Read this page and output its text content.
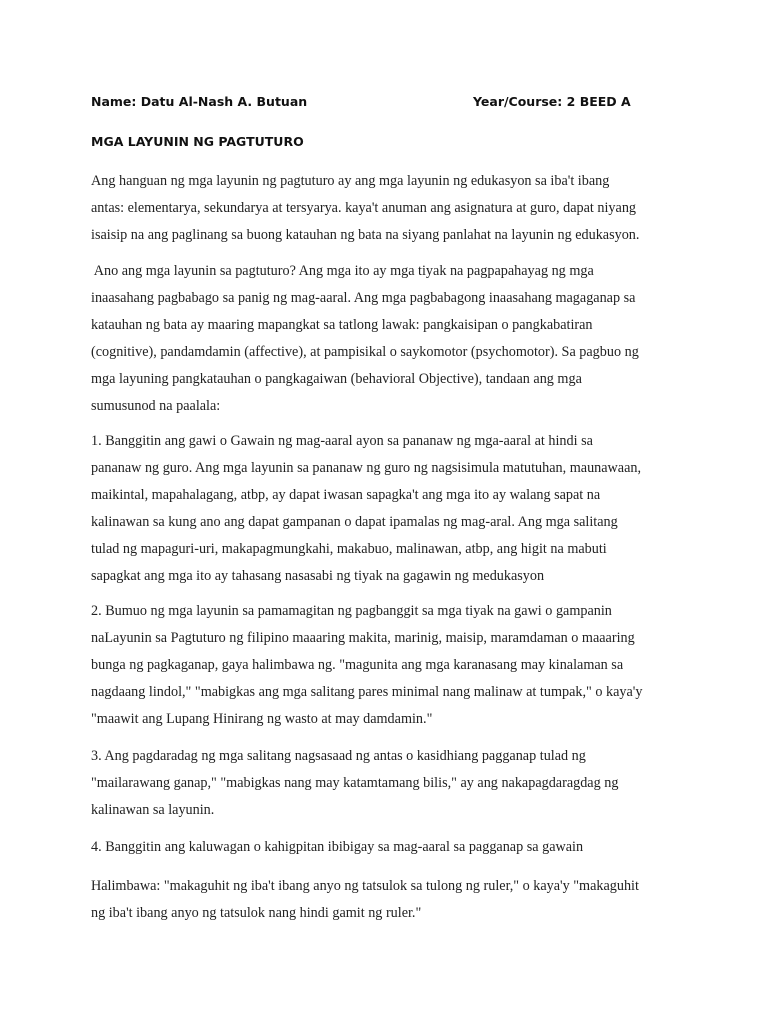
Name: Datu Al-Nash A. Butuan	Year/Course: 2 BEED A
MGA LAYUNIN NG PAGTUTURO
Ang hanguan ng mga layunin ng pagtuturo ay ang mga layunin ng edukasyon sa iba't ibang
antas: elementarya, sekundarya at tersyarya. kaya't anuman ang asignatura at guro, dapat niyang
isaisip na ang paglinang sa buong katauhan ng bata na siyang panlahat na layunin ng edukasyon.
Ano ang mga layunin sa pagtuturo? Ang mga ito ay mga tiyak na pagpapahayag ng mga
inaasahang pagbabago sa panig ng mag-aaral. Ang mga pagbabagong inaasahang magaganap sa
katauhan ng bata ay maaring mapangkat sa tatlong lawak: pangkaisipan o pangkabatiran
(cognitive), pandamdamin (affective), at pampisikal o saykomotor (psychomotor). Sa pagbuo ng
mga layuning pangkatauhan o pangkagaiwan (behavioral Objective), tandaan ang mga
sumusunod na paalala:
1. Banggitin ang gawi o Gawain ng mag-aaral ayon sa pananaw ng mga-aaral at hindi sa
pananaw ng guro. Ang mga layunin sa pananaw ng guro ng nagsisimula matutuhan, maunawaan,
maikintal, mapahalagang, atbp, ay dapat iwasan sapagka't ang mga ito ay walang sapat na
kalinawan sa kung ano ang dapat gampanan o dapat ipamalas ng mag-aral. Ang mga salitang
tulad ng mapaguri-uri, makapagmungkahi, makabuo, malinawan, atbp, ang higit na mabuti
sapagkat ang mga ito ay tahasang nasasabi ng tiyak na gagawin ng medukasyon
2. Bumuo ng mga layunin sa pamamagitan ng pagbanggit sa mga tiyak na gawi o gampanin
naLayunin sa Pagtuturo ng filipino maaaring makita, marinig, maisip, maramdaman o maaaring
bunga ng pagkaganap, gaya halimbawa ng. "magunita ang mga karanasang may kinalaman sa
nagdaang lindol," "mabigkas ang mga salitang pares minimal nang malinaw at tumpak," o kaya'y
"maawit ang Lupang Hinirang ng wasto at may damdamin."
3. Ang pagdaradag ng mga salitang nagsasaad ng antas o kasidhiang pagganap tulad ng
"mailarawang ganap," "mabigkas nang may katamtamang bilis," ay ang nakapagdaragdag ng
kalinawan sa layunin.
4. Banggitin ang kaluwagan o kahigpitan ibibigay sa mag-aaral sa pagganap sa gawain
Halimbawa: "makaguhit ng iba't ibang anyo ng tatsulok sa tulong ng ruler," o kaya'y "makaguhit
ng iba't ibang anyo ng tatsulok nang hindi gamit ng ruler."
